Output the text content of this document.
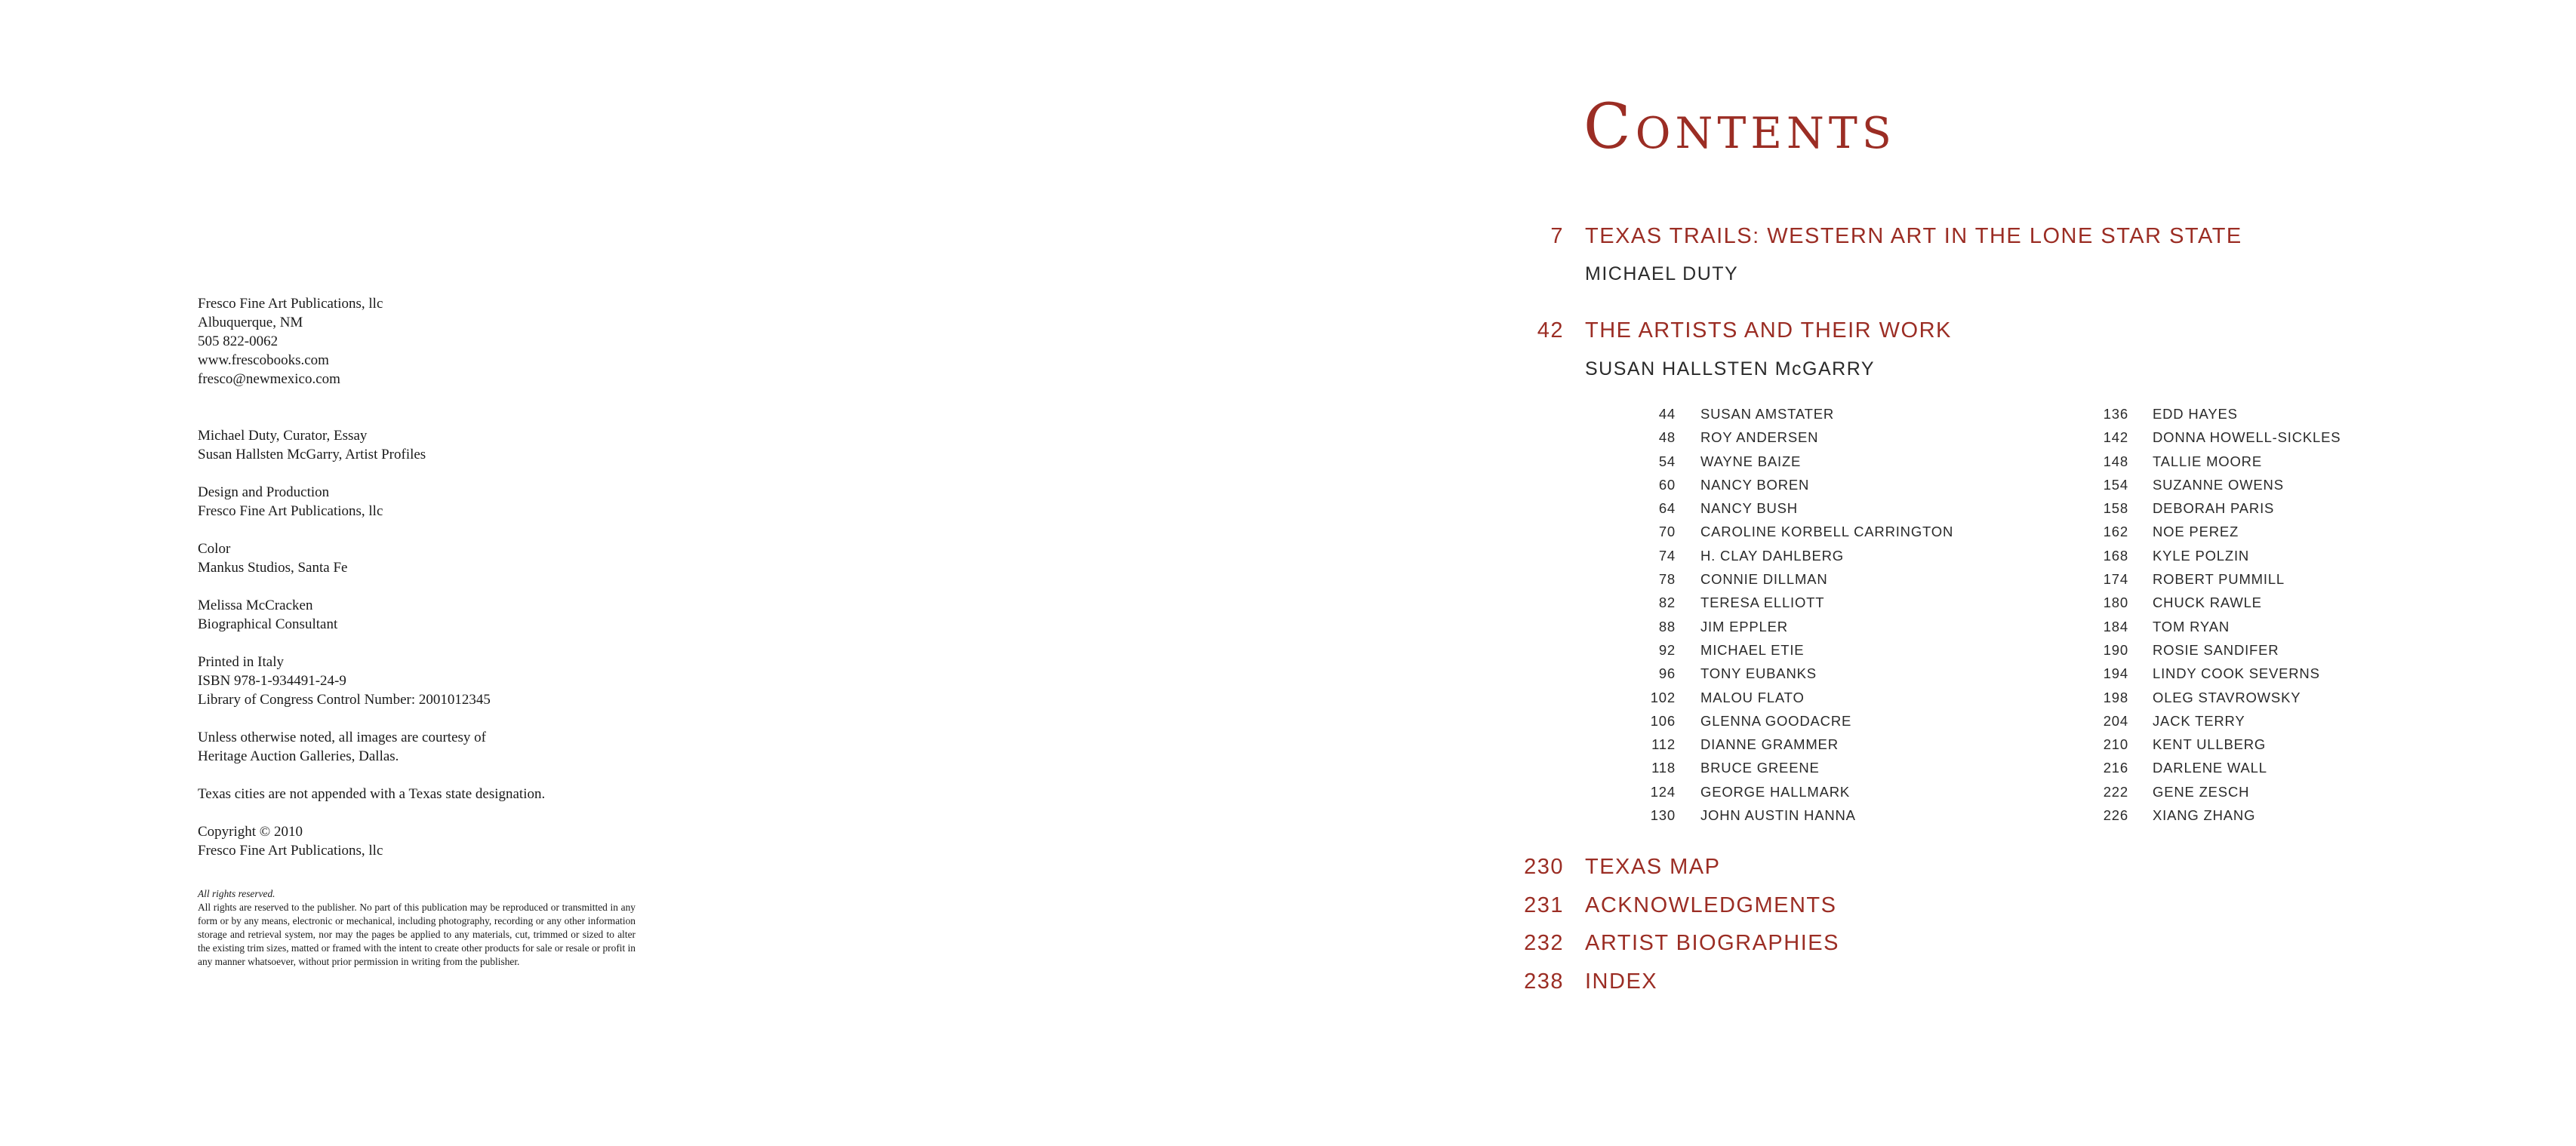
Fresco Fine Art Publications, llc
Albuquerque, NM
505 822-0062
www.frescobooks.com
fresco@newmexico.com
Michael Duty, Curator, Essay
Susan Hallsten McGarry, Artist Profiles
Design and Production
Fresco Fine Art Publications, llc
Color
Mankus Studios, Santa Fe
Melissa McCracken
Biographical Consultant
Printed in Italy
ISBN 978-1-934491-24-9
Library of Congress Control Number: 2001012345
Unless otherwise noted, all images are courtesy of
Heritage Auction Galleries, Dallas.
Texas cities are not appended with a Texas state designation.
Copyright © 2010
Fresco Fine Art Publications, llc
All rights reserved.
All rights are reserved to the publisher. No part of this publication may be reproduced or transmitted in any form or by any means, electronic or mechanical, including photography, recording or any other information storage and retrieval system, nor may the pages be applied to any materials, cut, trimmed or sized to alter the existing trim sizes, matted or framed with the intent to create other products for sale or resale or profit in any manner whatsoever, without prior permission in writing from the publisher.
Contents
7 TEXAS TRAILS: WESTERN ART IN THE LONE STAR STATE
MICHAEL DUTY
42 THE ARTISTS AND THEIR WORK
SUSAN HALLSTEN McGARRY
44 SUSAN AMSTATER
48 ROY ANDERSEN
54 WAYNE BAIZE
60 NANCY BOREN
64 NANCY BUSH
70 CAROLINE KORBELL CARRINGTON
74 H. CLAY DAHLBERG
78 CONNIE DILLMAN
82 TERESA ELLIOTT
88 JIM EPPLER
92 MICHAEL ETIE
96 TONY EUBANKS
102 MALOU FLATO
106 GLENNA GOODACRE
112 DIANNE GRAMMER
118 BRUCE GREENE
124 GEORGE HALLMARK
130 JOHN AUSTIN HANNA
136 EDD HAYES
142 DONNA HOWELL-SICKLES
148 TALLIE MOORE
154 SUZANNE OWENS
158 DEBORAH PARIS
162 NOE PEREZ
168 KYLE POLZIN
174 ROBERT PUMMILL
180 CHUCK RAWLE
184 TOM RYAN
190 ROSIE SANDIFER
194 LINDY COOK SEVERNS
198 OLEG STAVROWSKY
204 JACK TERRY
210 KENT ULLBERG
216 DARLENE WALL
222 GENE ZESCH
226 XIANG ZHANG
230 TEXAS MAP
231 ACKNOWLEDGMENTS
232 ARTIST BIOGRAPHIES
238 INDEX
